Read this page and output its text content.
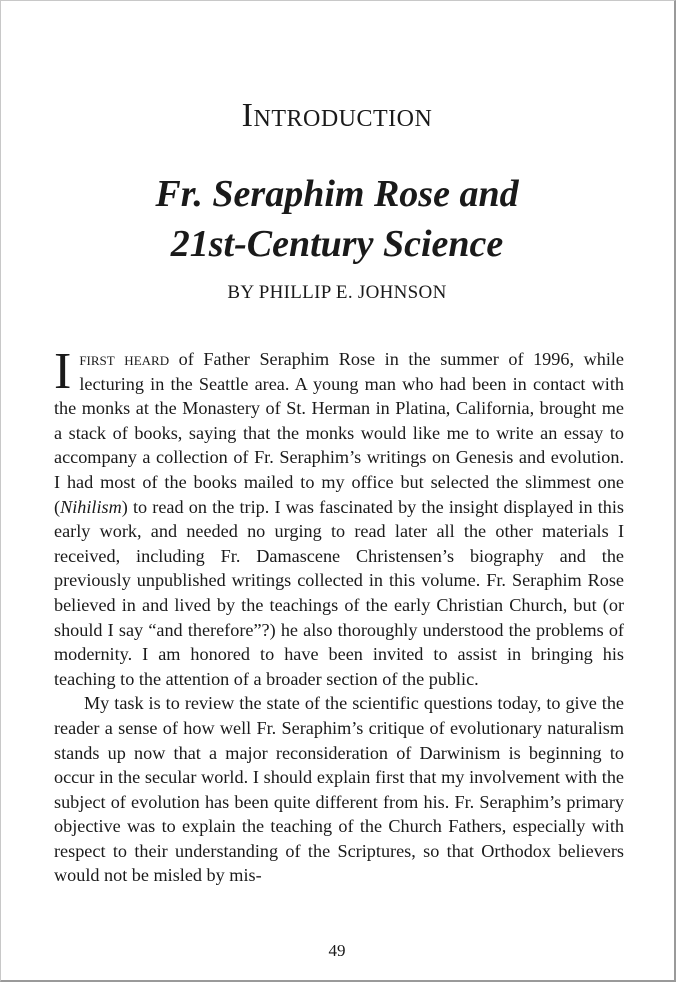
Introduction
Fr. Seraphim Rose and
21st-Century Science

BY PHILLIP E. JOHNSON

Ifirst heard of Father Seraphim Rose in the summer of 1996, while lecturing in the Seattle area. A young man who had been in contact with the monks at the Monastery of St. Herman in Platina, California, brought me a stack of books, saying that the monks would like me to write an essay to accompany a collection of Fr. Seraphim’s writings on Genesis and evolution. I had most of the books mailed to my office but selected the slimmest one (Nihilism) to read on the trip. I was fascinated by the insight displayed in this early work, and needed no urging to read later all the other materials I received, including Fr. Damascene Christensen’s biography and the previously unpublished writings collected in this volume. Fr. Seraphim Rose believed in and lived by the teachings of the early Christian Church, but (or should I say “and therefore”?) he also thoroughly understood the problems of modernity. I am honored to have been invited to assist in bringing his teaching to the attention of a broader section of the public.

My task is to review the state of the scientific questions today, to give the reader a sense of how well Fr. Seraphim’s critique of evolutionary naturalism stands up now that a major reconsideration of Darwinism is beginning to occur in the secular world. I should explain first that my involvement with the subject of evolution has been quite different from his. Fr. Seraphim’s primary objective was to explain the teaching of the Church Fathers, especially with respect to their understanding of the Scriptures, so that Orthodox believers would not be misled by mis-

49
